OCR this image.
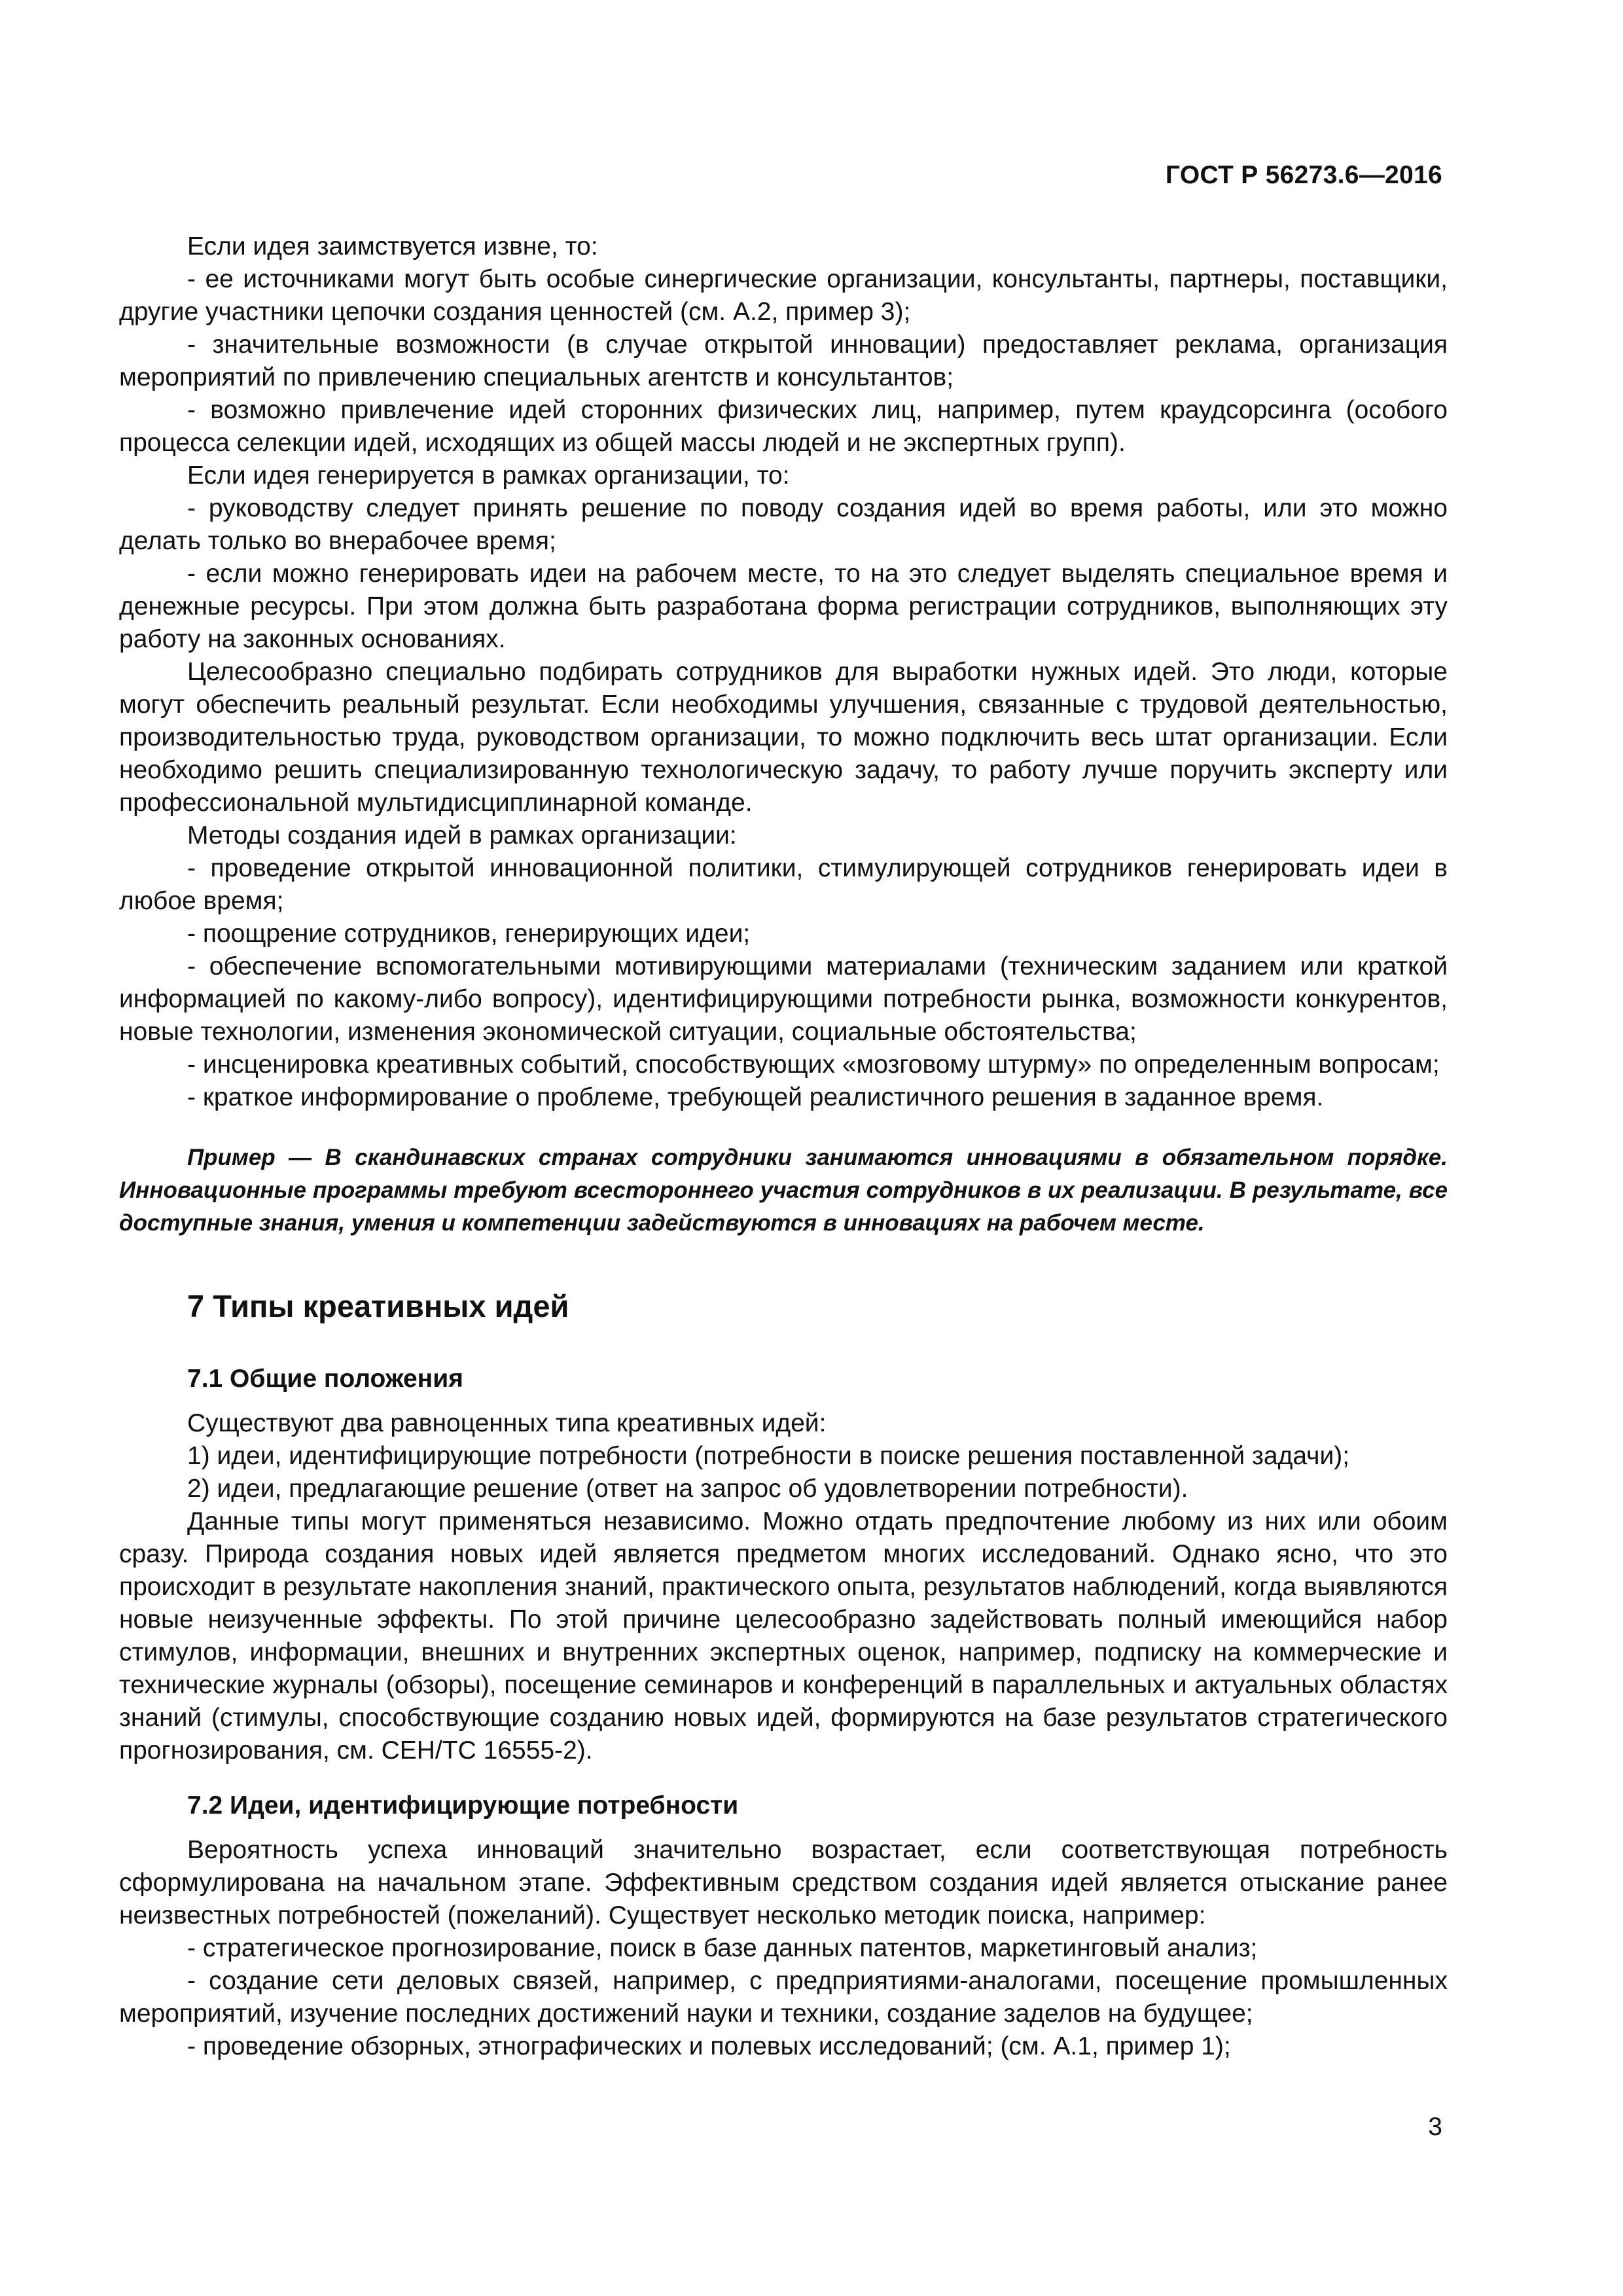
ГОСТ Р 56273.6—2016

Если идея заимствуется извне, то:

- ее источниками могут быть особые синергические организации, консультанты, партнеры, поставщики, другие участники цепочки создания ценностей (см. А.2, пример 3);

- значительные возможности (в случае открытой инновации) предоставляет реклама, организация мероприятий по привлечению специальных агентств и консультантов;

- возможно привлечение идей сторонних физических лиц, например, путем краудсорсинга (особого процесса селекции идей, исходящих из общей массы людей и не экспертных групп).

Если идея генерируется в рамках организации, то:

- руководству следует принять решение по поводу создания идей во время работы, или это можно делать только во внерабочее время;

- если можно генерировать идеи на рабочем месте, то на это следует выделять специальное время и денежные ресурсы. При этом должна быть разработана форма регистрации сотрудников, выполняющих эту работу на законных основаниях.

Целесообразно специально подбирать сотрудников для выработки нужных идей. Это люди, которые могут обеспечить реальный результат. Если необходимы улучшения, связанные с трудовой деятельностью, производительностью труда, руководством организации, то можно подключить весь штат организации. Если необходимо решить специализированную технологическую задачу, то работу лучше поручить эксперту или профессиональной мультидисциплинарной команде.

Методы создания идей в рамках организации:

- проведение открытой инновационной политики, стимулирующей сотрудников генерировать идеи в любое время;

- поощрение сотрудников, генерирующих идеи;

- обеспечение вспомогательными мотивирующими материалами (техническим заданием или краткой информацией по какому-либо вопросу), идентифицирующими потребности рынка, возможности конкурентов, новые технологии, изменения экономической ситуации, социальные обстоятельства;

- инсценировка креативных событий, способствующих «мозговому штурму» по определенным вопросам;

- краткое информирование о проблеме, требующей реалистичного решения в заданное время.

Пример — В скандинавских странах сотрудники занимаются инновациями в обязательном порядке. Инновационные программы требуют всестороннего участия сотрудников в их реализации. В результате, все доступные знания, умения и компетенции задействуются в инновациях на рабочем месте.

7 Типы креативных идей
7.1 Общие положения

Существуют два равноценных типа креативных идей:

1) идеи, идентифицирующие потребности (потребности в поиске решения поставленной задачи);

2) идеи, предлагающие решение (ответ на запрос об удовлетворении потребности).

Данные типы могут применяться независимо. Можно отдать предпочтение любому из них или обоим сразу. Природа создания новых идей является предметом многих исследований. Однако ясно, что это происходит в результате накопления знаний, практического опыта, результатов наблюдений, когда выявляются новые неизученные эффекты. По этой причине целесообразно задействовать полный имеющийся набор стимулов, информации, внешних и внутренних экспертных оценок, например, подписку на коммерческие и технические журналы (обзоры), посещение семинаров и конференций в параллельных и актуальных областях знаний (стимулы, способствующие созданию новых идей, формируются на базе результатов стратегического прогнозирования, см. СЕН/ТС 16555-2).

7.2 Идеи, идентифицирующие потребности

Вероятность успеха инноваций значительно возрастает, если соответствующая потребность сформулирована на начальном этапе. Эффективным средством создания идей является отыскание ранее неизвестных потребностей (пожеланий). Существует несколько методик поиска, например:

- стратегическое прогнозирование, поиск в базе данных патентов, маркетинговый анализ;

- создание сети деловых связей, например, с предприятиями-аналогами, посещение промышленных мероприятий, изучение последних достижений науки и техники, создание заделов на будущее;

- проведение обзорных, этнографических и полевых исследований; (см. А.1, пример 1);

3
